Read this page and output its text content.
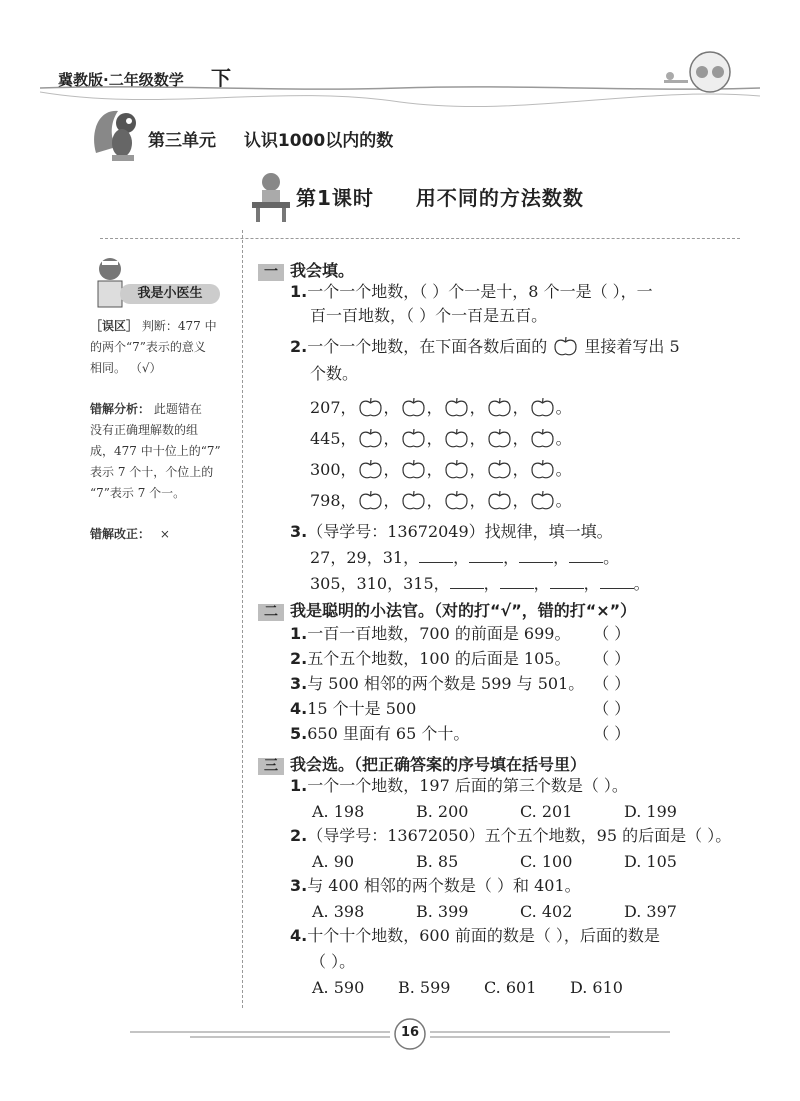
冀教版·二年级数学 下
第三单元 认识1000以内的数
第1课时 用不同的方法数数
我是小医生
［误区］ 判断：477 中
的两个“7”表示的意义
相同。 （√）
错解分析： 此题错在
没有正确理解数的组
成，477 中十位上的“7”
表示 7 个十，个位上的
“7”表示 7 个一。
错解改正： ×
一 我会填。
1.一个一个地数，（ ）个一是十，8 个一是（ ），一
百一百地数，（ ）个一百是五百。
2.一个一个地数，在下面各数后面的 里接着写出 5
个数。
207， ， ， ， ， 。
445， ， ， ， ， 。
300， ， ， ， ， 。
798， ， ， ， ， 。
3.（导学号：13672049）找规律，填一填。
27，29，31， ， ， ， 。
305，310，315， ， ， ， 。
二 我是聪明的小法官。（对的打“√”，错的打“×”）
1.一百一百地数，700 的前面是 699。 （ ）
2.五个五个地数，100 的后面是 105。 （ ）
3.与 500 相邻的两个数是 599 与 501。 （ ）
4.15 个十是 500	（ ）
5.650 里面有 65 个十。	（ ）
三 我会选。（把正确答案的序号填在括号里）
1.一个一个地数，197 后面的第三个数是（ ）。
A. 198	B. 200	C. 201	D. 199
2.（导学号：13672050）五个五个地数，95 的后面是（ ）。
A. 90	B. 85	C. 100	D. 105
3.与 400 相邻的两个数是（ ）和 401。
A. 398	B. 399	C. 402	D. 397
4.十个十个地数，600 前面的数是（ ），后面的数是
（ ）。
A. 590 B. 599 C. 601 D. 610
16
